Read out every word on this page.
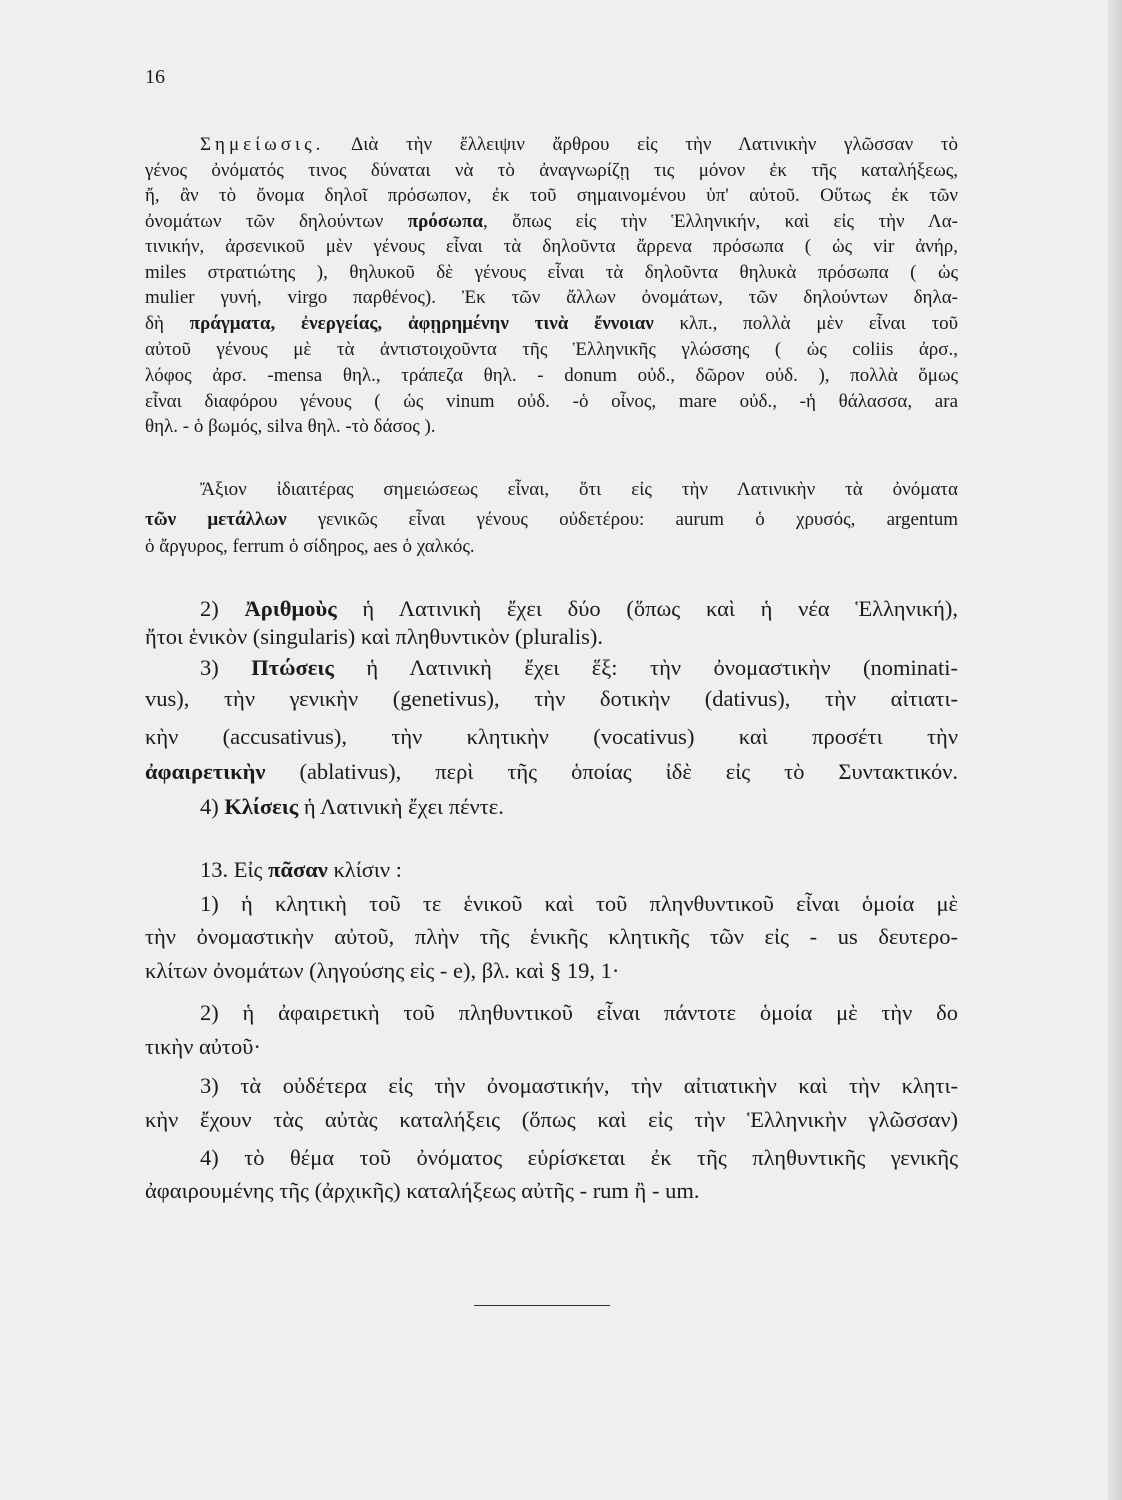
16
Σημείωσις. Διὰ τὴν ἔλλειψιν ἄρθρου εἰς τὴν Λατινικὴν γλῶσσαν τὸ
γένος ὀνόματός τινος δύναται νὰ τὸ ἀναγνωρίζῃ τις μόνον ἐκ τῆς καταλήξεως,
ἤ, ἂν τὸ ὄνομα δηλοῖ πρόσωπον, ἐκ τοῦ σημαινομένου ὑπ' αὐτοῦ. Οὕτως ἐκ τῶν
ὀνομάτων τῶν δηλούντων πρόσωπα, ὅπως εἰς τὴν Ἑλληνικήν, καὶ εἰς τὴν Λα-
τινικήν, ἀρσενικοῦ μὲν γένους εἶναι τὰ δηλοῦντα ἄρρενα πρόσωπα ( ὡς vir ἀνήρ,
miles στρατιώτης ), θηλυκοῦ δὲ γένους εἶναι τὰ δηλοῦντα θηλυκὰ πρόσωπα ( ὡς
mulier γυνή, virgo παρθένος). Ἐκ τῶν ἄλλων ὀνομάτων, τῶν δηλούντων δηλα-
δὴ πράγματα, ἐνεργείας, ἀφῃρημένην τινὰ ἔννοιαν κλπ., πολλὰ μὲν εἶναι τοῦ
αὐτοῦ γένους μὲ τὰ ἀντιστοιχοῦντα τῆς Ἑλληνικῆς γλώσσης ( ὡς coliis ἀρσ.,
λόφος ἀρσ. -mensa θηλ., τράπεζα θηλ. - donum οὐδ., δῶρον οὐδ. ), πολλὰ ὅμως
εἶναι διαφόρου γένους ( ὡς vinum οὐδ. -ὁ οἶνος, mare οὐδ., -ἡ θάλασσα, ara
θηλ. - ὁ βωμός, silva θηλ. -τὸ δάσος ).
Ἄξιον ἰδιαιτέρας σημειώσεως εἶναι, ὅτι εἰς τὴν Λατινικὴν τὰ ὀνόματα
τῶν μετάλλων γενικῶς εἶναι γένους οὐδετέρου: aurum ὁ χρυσός, argentum
ὁ ἄργυρος, ferrum ὁ σίδηρος, aes ὁ χαλκός.
2) Ἀριθμοὺς ἡ Λατινικὴ ἔχει δύο (ὅπως καὶ ἡ νέα Ἑλληνική),
ἤτοι ἑνικὸν (singularis) καὶ πληθυντικὸν (pluralis).
3) Πτώσεις ἡ Λατινικὴ ἔχει ἕξ: τὴν ὀνομαστικὴν (nominati-
vus), τὴν γενικὴν (genetivus), τὴν δοτικὴν (dativus), τὴν αἰτιατι-
κὴν (accusativus), τὴν κλητικὴν (vocativus) καὶ προσέτι τὴν
ἀφαιρετικὴν (ablativus), περὶ τῆς ὁποίας ἰδὲ εἰς τὸ Συντακτικόν.
4) Κλίσεις ἡ Λατινικὴ ἔχει πέντε.
13. Εἰς πᾶσαν κλίσιν :
1) ἡ κλητικὴ τοῦ τε ἑνικοῦ καὶ τοῦ πληνθυντικοῦ εἶναι ὁμοία μὲ
τὴν ὀνομαστικὴν αὐτοῦ, πλὴν τῆς ἑνικῆς κλητικῆς τῶν εἰς - us δευτερο-
κλίτων ὀνομάτων (ληγούσης εἰς - e), βλ. καὶ § 19, 1·
2) ἡ ἀφαιρετικὴ τοῦ πληθυντικοῦ εἶναι πάντοτε ὁμοία μὲ τὴν δο
τικὴν αὐτοῦ·
3) τὰ οὐδέτερα εἰς τὴν ὀνομαστικήν, τὴν αἰτιατικὴν καὶ τὴν κλητι-
κὴν ἔχουν τὰς αὐτὰς καταλήξεις (ὅπως καὶ εἰς τὴν Ἑλληνικὴν γλῶσσαν)
4) τὸ θέμα τοῦ ὀνόματος εὑρίσκεται ἐκ τῆς πληθυντικῆς γενικῆς
ἀφαιρουμένης τῆς (ἀρχικῆς) καταλήξεως αὐτῆς - rum ἢ - um.
